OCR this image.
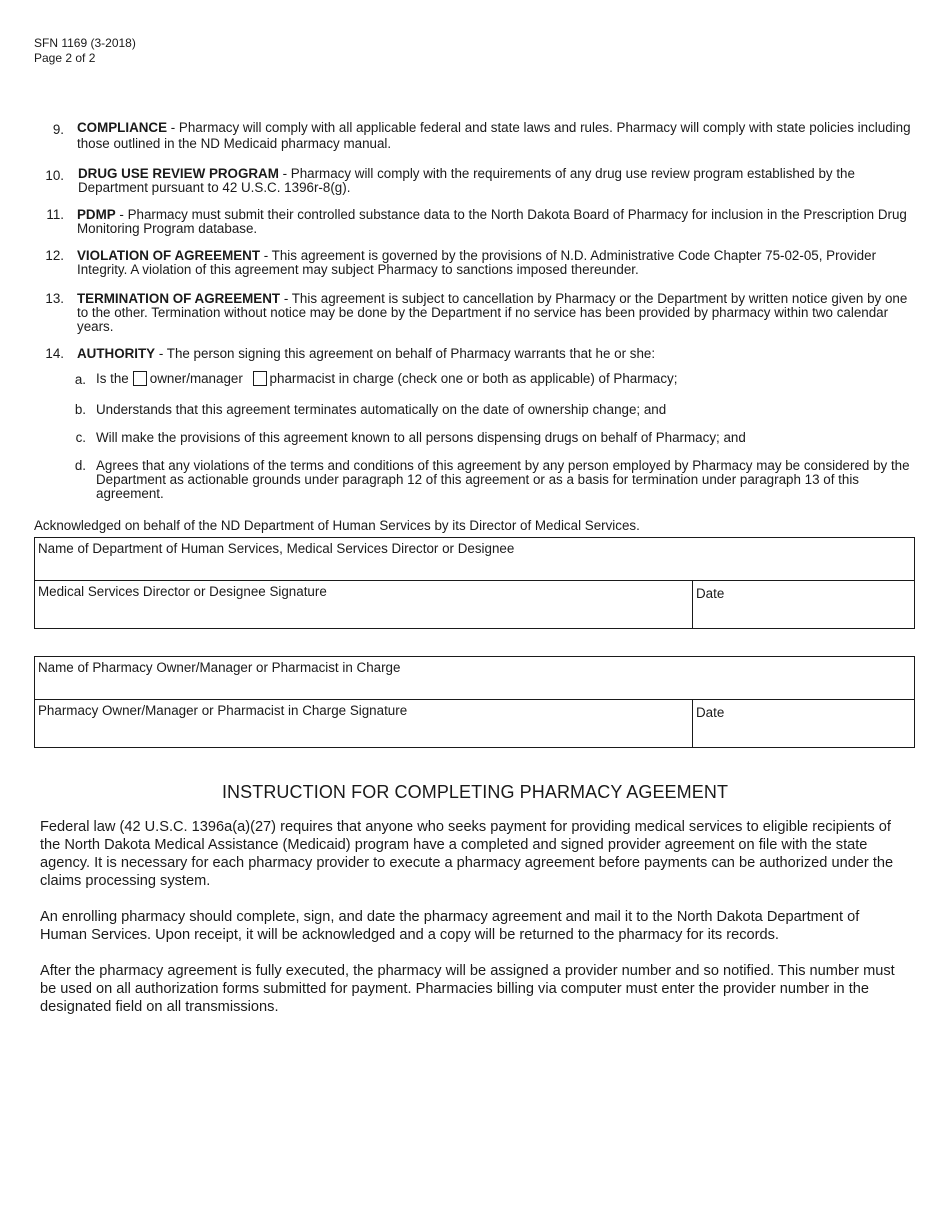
SFN 1169 (3-2018)
Page 2 of 2
9. COMPLIANCE - Pharmacy will comply with all applicable federal and state laws and rules. Pharmacy will comply with state policies including those outlined in the ND Medicaid pharmacy manual.
10. DRUG USE REVIEW PROGRAM - Pharmacy will comply with the requirements of any drug use review program established by the Department pursuant to 42 U.S.C. 1396r-8(g).
11. PDMP - Pharmacy must submit their controlled substance data to the North Dakota Board of Pharmacy for inclusion in the Prescription Drug Monitoring Program database.
12. VIOLATION OF AGREEMENT - This agreement is governed by the provisions of N.D. Administrative Code Chapter 75-02-05, Provider Integrity. A violation of this agreement may subject Pharmacy to sanctions imposed thereunder.
13. TERMINATION OF AGREEMENT - This agreement is subject to cancellation by Pharmacy or the Department by written notice given by one to the other. Termination without notice may be done by the Department if no service has been provided by pharmacy within two calendar years.
14. AUTHORITY - The person signing this agreement on behalf of Pharmacy warrants that he or she:
a. Is the owner/manager pharmacist in charge (check one or both as applicable) of Pharmacy;
b. Understands that this agreement terminates automatically on the date of ownership change; and
c. Will make the provisions of this agreement known to all persons dispensing drugs on behalf of Pharmacy; and
d. Agrees that any violations of the terms and conditions of this agreement by any person employed by Pharmacy may be considered by the Department as actionable grounds under paragraph 12 of this agreement or as a basis for termination under paragraph 13 of this agreement.
Acknowledged on behalf of the ND Department of Human Services by its Director of Medical Services.
Name of Department of Human Services, Medical Services Director or Designee
Medical Services Director or Designee Signature	Date
Name of Pharmacy Owner/Manager or Pharmacist in Charge
Pharmacy Owner/Manager or Pharmacist in Charge Signature	Date
INSTRUCTION FOR COMPLETING PHARMACY AGEEMENT
Federal law (42 U.S.C. 1396a(a)(27) requires that anyone who seeks payment for providing medical services to eligible recipients of the North Dakota Medical Assistance (Medicaid) program have a completed and signed provider agreement on file with the state agency. It is necessary for each pharmacy provider to execute a pharmacy agreement before payments can be authorized under the claims processing system.
An enrolling pharmacy should complete, sign, and date the pharmacy agreement and mail it to the North Dakota Department of Human Services. Upon receipt, it will be acknowledged and a copy will be returned to the pharmacy for its records.
After the pharmacy agreement is fully executed, the pharmacy will be assigned a provider number and so notified. This number must be used on all authorization forms submitted for payment. Pharmacies billing via computer must enter the provider number in the designated field on all transmissions.
